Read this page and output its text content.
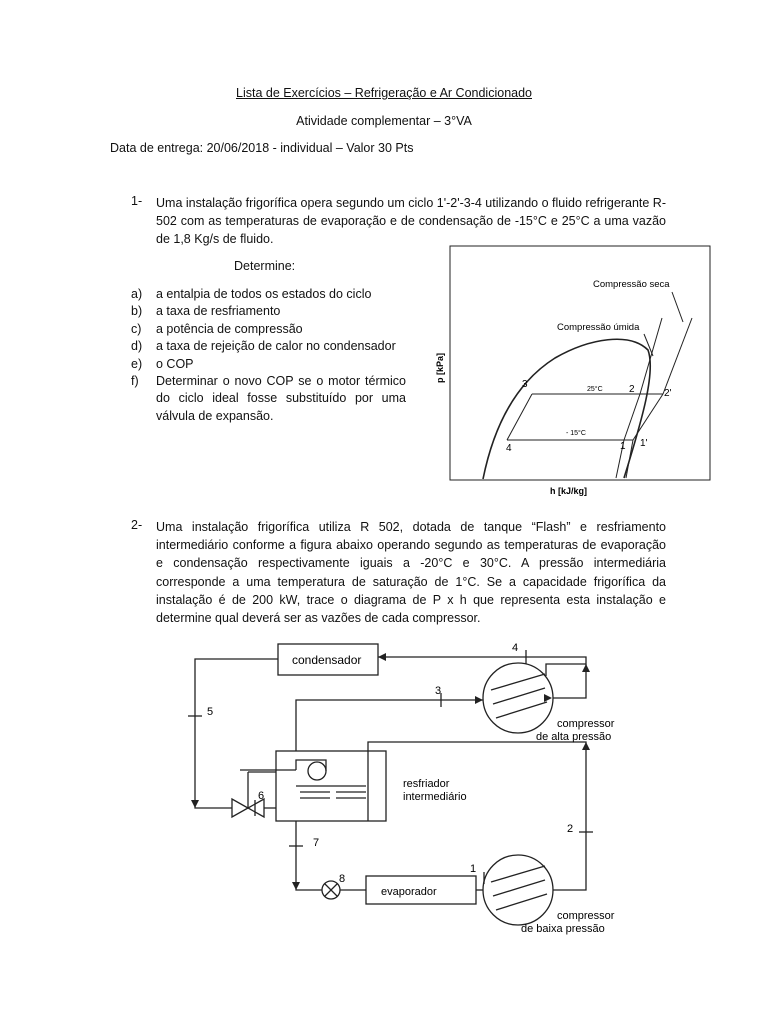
Lista de Exercícios – Refrigeração e Ar Condicionado
Atividade complementar – 3°VA
Data de entrega: 20/06/2018 - individual – Valor 30 Pts
1- Uma instalação frigorífica opera segundo um ciclo 1'-2'-3-4 utilizando o fluido refrigerante R-502 com as temperaturas de evaporação e de condensação de -15°C e 25°C a uma vazão de 1,8 Kg/s de fluido.
Determine:
a)	a entalpia de todos os estados do ciclo
b)	a taxa de resfriamento
c)	a potência de compressão
d)	a taxa de rejeição de calor no condensador
e)	o COP
f)	Determinar o novo COP se o motor térmico do ciclo ideal fosse substituído por uma válvula de expansão.
Compressão seca
Compressão úmida
25°C
- 15°C
3	2	2'
4	1 1'
p [kPa]
h [kJ/kg]
2- Uma instalação frigorífica utiliza R 502, dotada de tanque “Flash” e resfriamento intermediário conforme a figura abaixo operando segundo as temperaturas de evaporação e condensação respectivamente iguais a -20°C e 30°C. A pressão intermediária corresponde a uma temperatura de saturação de 1°C. Se a capacidade frigorífica da instalação é de 200 kW, trace o diagrama de P x h que representa esta instalação e determine qual deverá ser as vazões de cada compressor.
condensador
evaporador
compressor
de alta pressão
compressor
de baixa pressão
resfriador
intermediário
1
2
3
4
5
6
7
8
